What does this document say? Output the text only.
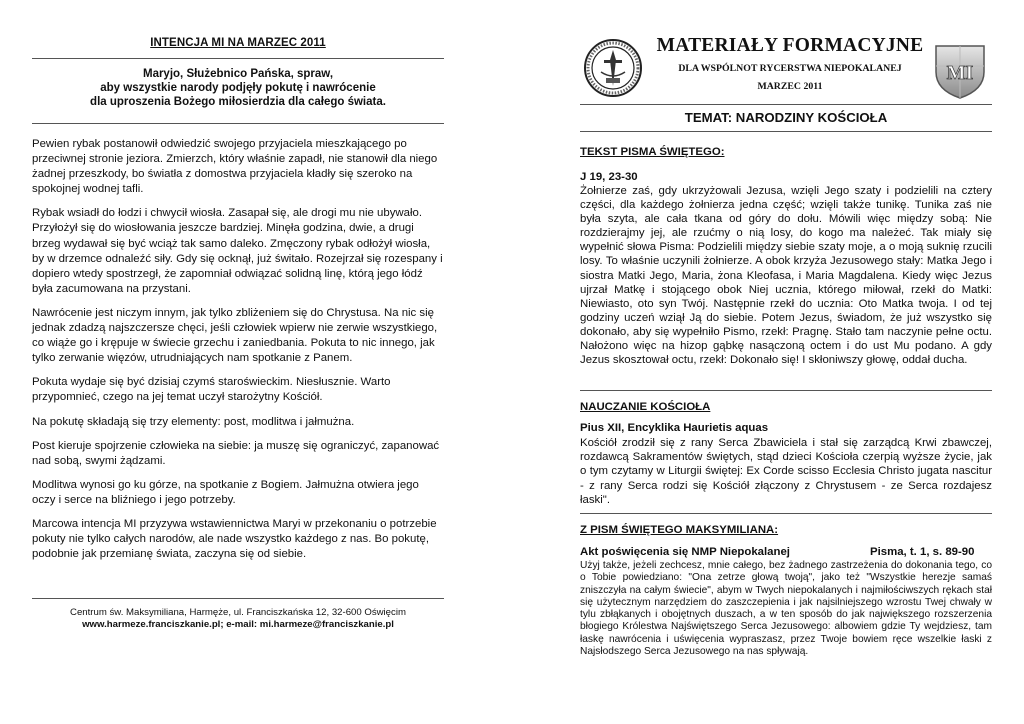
INTENCJA MI NA MARZEC 2011
Maryjo, Służebnico Pańska, spraw,
aby wszystkie narody podjęły pokutę i nawrócenie
dla uproszenia Bożego miłosierdzia dla całego świata.

Pewien rybak postanowił odwiedzić swojego przyjaciela mieszkającego po przeciwnej stronie jeziora. Zmierzch, który właśnie zapadł, nie stanowił dla niego żadnej przeszkody, bo światła z domostwa przyjaciela kładły się szeroko na spokojnej wodnej tafli.

Rybak wsiadł do łodzi i chwycił wiosła. Zasapał się, ale drogi mu nie ubywało. Przyłożył się do wiosłowania jeszcze bardziej. Minęła godzina, dwie, a drugi brzeg wydawał się być wciąż tak samo daleko. Zmęczony rybak odłożył wiosła, by w drzemce odnaleźć siły. Gdy się ocknął, już świtało. Rozejrzał się rozespany i dopiero wtedy spostrzegł, że zapomniał odwiązać solidną linę, którą jego łódź była zacumowana na przystani.

Nawrócenie jest niczym innym, jak tylko zbliżeniem się do Chrystusa. Na nic się jednak zdadzą najszczersze chęci, jeśli człowiek wpierw nie zerwie wszystkiego, co wiąże go i krępuje w świecie grzechu i zaniedbania. Pokuta to nic innego, jak tylko zerwanie więzów, utrudniających nam spotkanie z Panem.

Pokuta wydaje się być dzisiaj czymś staroświeckim. Niesłusznie. Warto przypomnieć, czego na jej temat uczył starożytny Kościół.

Na pokutę składają się trzy elementy: post, modlitwa i jałmużna.

Post kieruje spojrzenie człowieka na siebie: ja muszę się ograniczyć, zapanować nad sobą, swymi żądzami.

Modlitwa wynosi go ku górze, na spotkanie z Bogiem. Jałmużna otwiera jego oczy i serce na bliźniego i jego potrzeby.

Marcowa intencja MI przyzywa wstawiennictwa Maryi w przekonaniu o potrzebie pokuty nie tylko całych narodów, ale nade wszystko każdego z nas. Bo pokutę, podobnie jak przemianę świata, zaczyna się od siebie.

Centrum św. Maksymiliana, Harmęże, ul. Franciszkańska 12, 32-600 Oświęcim
www.harmeze.franciszkanie.pl; e-mail: mi.harmeze@franciszkanie.pl
MATERIAŁY FORMACYJNE
DLA WSPÓLNOT RYCERSTWA NIEPOKALANEJ
MARZEC 2011
MI
TEMAT: NARODZINY KOŚCIOŁA
TEKST PISMA ŚWIĘTEGO:
J 19, 23-30
Żołnierze zaś, gdy ukrzyżowali Jezusa, wzięli Jego szaty i podzielili na cztery części, dla każdego żołnierza jedna część; wzięli także tunikę. Tunika zaś nie była szyta, ale cała tkana od góry do dołu. Mówili więc między sobą: Nie rozdzierajmy jej, ale rzućmy o nią losy, do kogo ma należeć. Tak miały się wypełnić słowa Pisma: Podzielili między siebie szaty moje, a o moją suknię rzucili losy. To właśnie uczynili żołnierze. A obok krzyża Jezusowego stały: Matka Jego i siostra Matki Jego, Maria, żona Kleofasa, i Maria Magdalena. Kiedy więc Jezus ujrzał Matkę i stojącego obok Niej ucznia, którego miłował, rzekł do Matki: Niewiasto, oto syn Twój. Następnie rzekł do ucznia: Oto Matka twoja. I od tej godziny uczeń wziął Ją do siebie. Potem Jezus, świadom, że już wszystko się dokonało, aby się wypełniło Pismo, rzekł: Pragnę. Stało tam naczynie pełne octu. Nałożono więc na hizop gąbkę nasączoną octem i do ust Mu podano. A gdy Jezus skosztował octu, rzekł: Dokonało się! I skłoniwszy głowę, oddał ducha.
NAUCZANIE KOŚCIOŁA
Pius XII, Encyklika Haurietis aquas
Kościół zrodził się z rany Serca Zbawiciela i stał się zarządcą Krwi zbawczej, rozdawcą Sakramentów świętych, stąd dzieci Kościoła czerpią wyższe życie, jak o tym czytamy w Liturgii świętej: Ex Corde scisso Ecclesia Christo jugata nascitur - z rany Serca rodzi się Kościół złączony z Chrystusem - ze Serca rozdajesz łaski".
Z PISM ŚWIĘTEGO MAKSYMILIANA:
Akt poświęcenia się NMP Niepokalanej	Pisma, t. 1, s. 89-90
Użyj także, jeżeli zechcesz, mnie całego, bez żadnego zastrzeżenia do dokonania tego, co o Tobie powiedziano: "Ona zetrze głową twoją", jako też "Wszystkie herezje samaś zniszczyła na całym świecie", abym w Twych niepokalanych i najmiłościwszych rękach stał się użytecznym narzędziem do zaszczepienia i jak najsilniejszego wzrostu Twej chwały w tylu zbłąkanych i obojętnych duszach, a w ten sposób do jak największego rozszerzenia błogiego Królestwa Najświętszego Serca Jezusowego: albowiem gdzie Ty wejdziesz, tam łaskę nawrócenia i uświęcenia wypraszasz, przez Twoje bowiem ręce wszelkie łaski z Najsłodszego Serca Jezusowego na nas spływają.
